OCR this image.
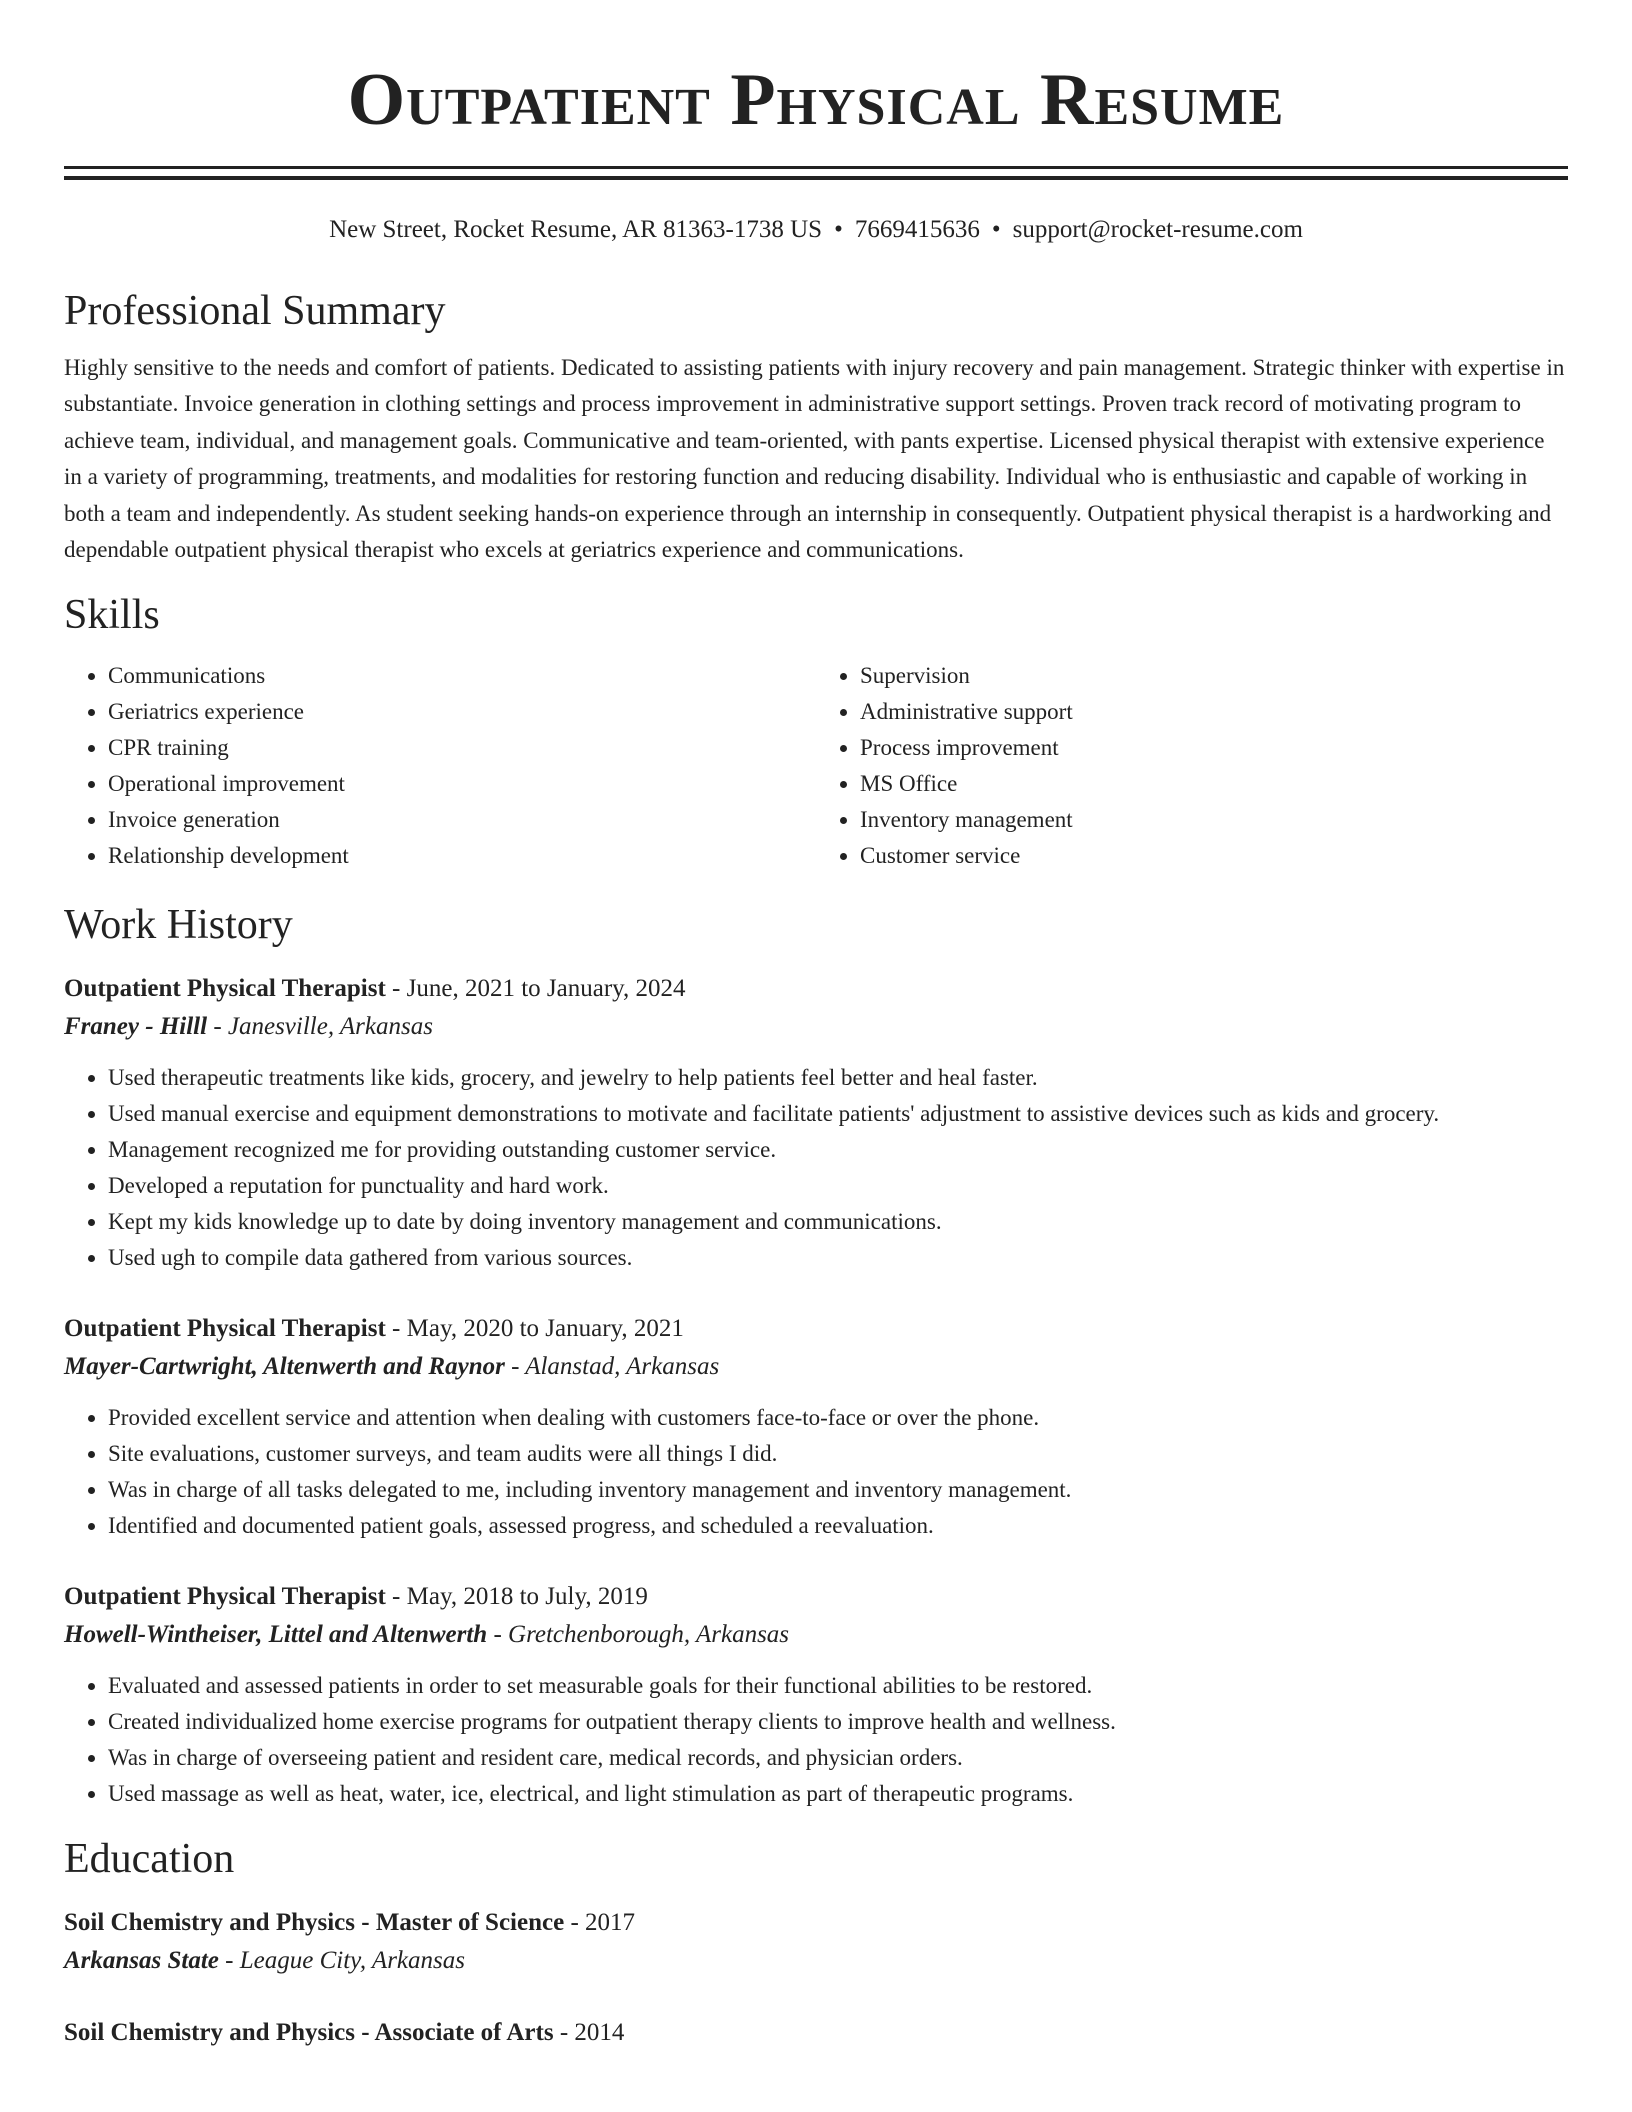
Outpatient Physical Resume
New Street, Rocket Resume, AR 81363-1738 US • 7669415636 • support@rocket-resume.com
Professional Summary

Highly sensitive to the needs and comfort of patients. Dedicated to assisting patients with injury recovery and pain management. Strategic thinker with expertise in substantiate. Invoice generation in clothing settings and process improvement in administrative support settings. Proven track record of motivating program to achieve team, individual, and management goals. Communicative and team-oriented, with pants expertise. Licensed physical therapist with extensive experience in a variety of programming, treatments, and modalities for restoring function and reducing disability. Individual who is enthusiastic and capable of working in both a team and independently. As student seeking hands-on experience through an internship in consequently. Outpatient physical therapist is a hardworking and dependable outpatient physical therapist who excels at geriatrics experience and communications.

Skills
• Communications
• Geriatrics experience
• CPR training
• Operational improvement
• Invoice generation
• Relationship development
• Supervision
• Administrative support
• Process improvement
• MS Office
• Inventory management
• Customer service
Work History
Outpatient Physical Therapist - June, 2021 to January, 2024
Franey - Hilll - Janesville, Arkansas
• Used therapeutic treatments like kids, grocery, and jewelry to help patients feel better and heal faster.
• Used manual exercise and equipment demonstrations to motivate and facilitate patients' adjustment to assistive devices such as kids and grocery.
• Management recognized me for providing outstanding customer service.
• Developed a reputation for punctuality and hard work.
• Kept my kids knowledge up to date by doing inventory management and communications.
• Used ugh to compile data gathered from various sources.
Outpatient Physical Therapist - May, 2020 to January, 2021
Mayer-Cartwright, Altenwerth and Raynor - Alanstad, Arkansas
• Provided excellent service and attention when dealing with customers face-to-face or over the phone.
• Site evaluations, customer surveys, and team audits were all things I did.
• Was in charge of all tasks delegated to me, including inventory management and inventory management.
• Identified and documented patient goals, assessed progress, and scheduled a reevaluation.
Outpatient Physical Therapist - May, 2018 to July, 2019
Howell-Wintheiser, Littel and Altenwerth - Gretchenborough, Arkansas
• Evaluated and assessed patients in order to set measurable goals for their functional abilities to be restored.
• Created individualized home exercise programs for outpatient therapy clients to improve health and wellness.
• Was in charge of overseeing patient and resident care, medical records, and physician orders.
• Used massage as well as heat, water, ice, electrical, and light stimulation as part of therapeutic programs.
Education
Soil Chemistry and Physics - Master of Science - 2017
Arkansas State - League City, Arkansas
Soil Chemistry and Physics - Associate of Arts - 2014
